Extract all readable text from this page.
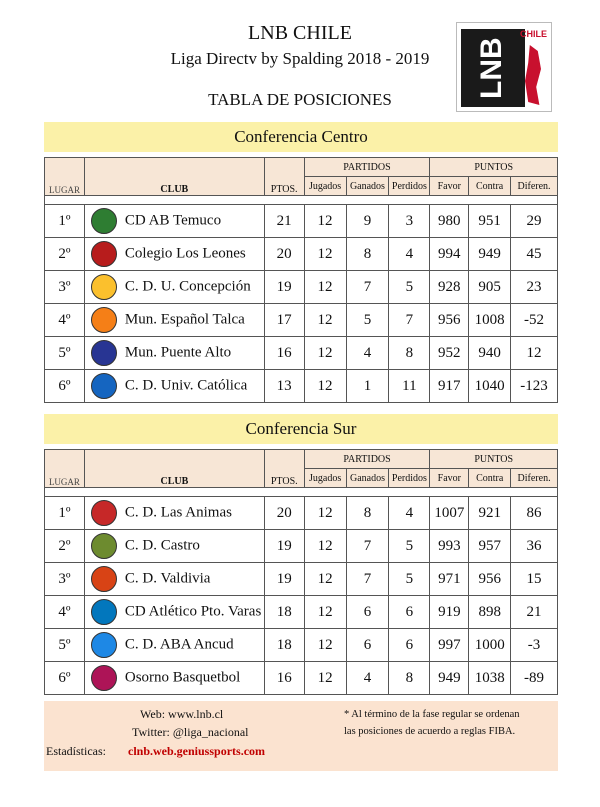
LNB CHILE
Liga Directv by Spalding 2018 - 2019
TABLA DE POSICIONES
LNB
CHILE
Conferencia Centro
LUGAR	CLUB	PTOS.	PARTIDOS			PUNTOS		
			Jugados	Ganados	Perdidos	Favor	Contra	Diferen.

1º	CD AB Temuco	21	12	9	3	980	951	29
2º	Colegio Los Leones	20	12	8	4	994	949	45
3º	C. D. U. Concepción	19	12	7	5	928	905	23
4º	Mun. Español Talca	17	12	5	7	956	1008	-52
5º	Mun. Puente Alto	16	12	4	8	952	940	12
6º	C. D. Univ. Católica	13	12	1	11	917	1040	-123
Conferencia Sur
LUGAR	CLUB	PTOS.	PARTIDOS			PUNTOS		
			Jugados	Ganados	Perdidos	Favor	Contra	Diferen.

1º	C. D. Las Animas	20	12	8	4	1007	921	86
2º	C. D. Castro	19	12	7	5	993	957	36
3º	C. D. Valdivia	19	12	7	5	971	956	15
4º	CD Atlético Pto. Varas	18	12	6	6	919	898	21
5º	C. D. ABA Ancud	18	12	6	6	997	1000	-3
6º	Osorno Basquetbol	16	12	4	8	949	1038	-89
Web: www.lnb.cl
Twitter: @liga_nacional
Estadísticas: clnb.web.geniussports.com
* Al término de la fase regular se ordenan
las posiciones de acuerdo a reglas FIBA.
